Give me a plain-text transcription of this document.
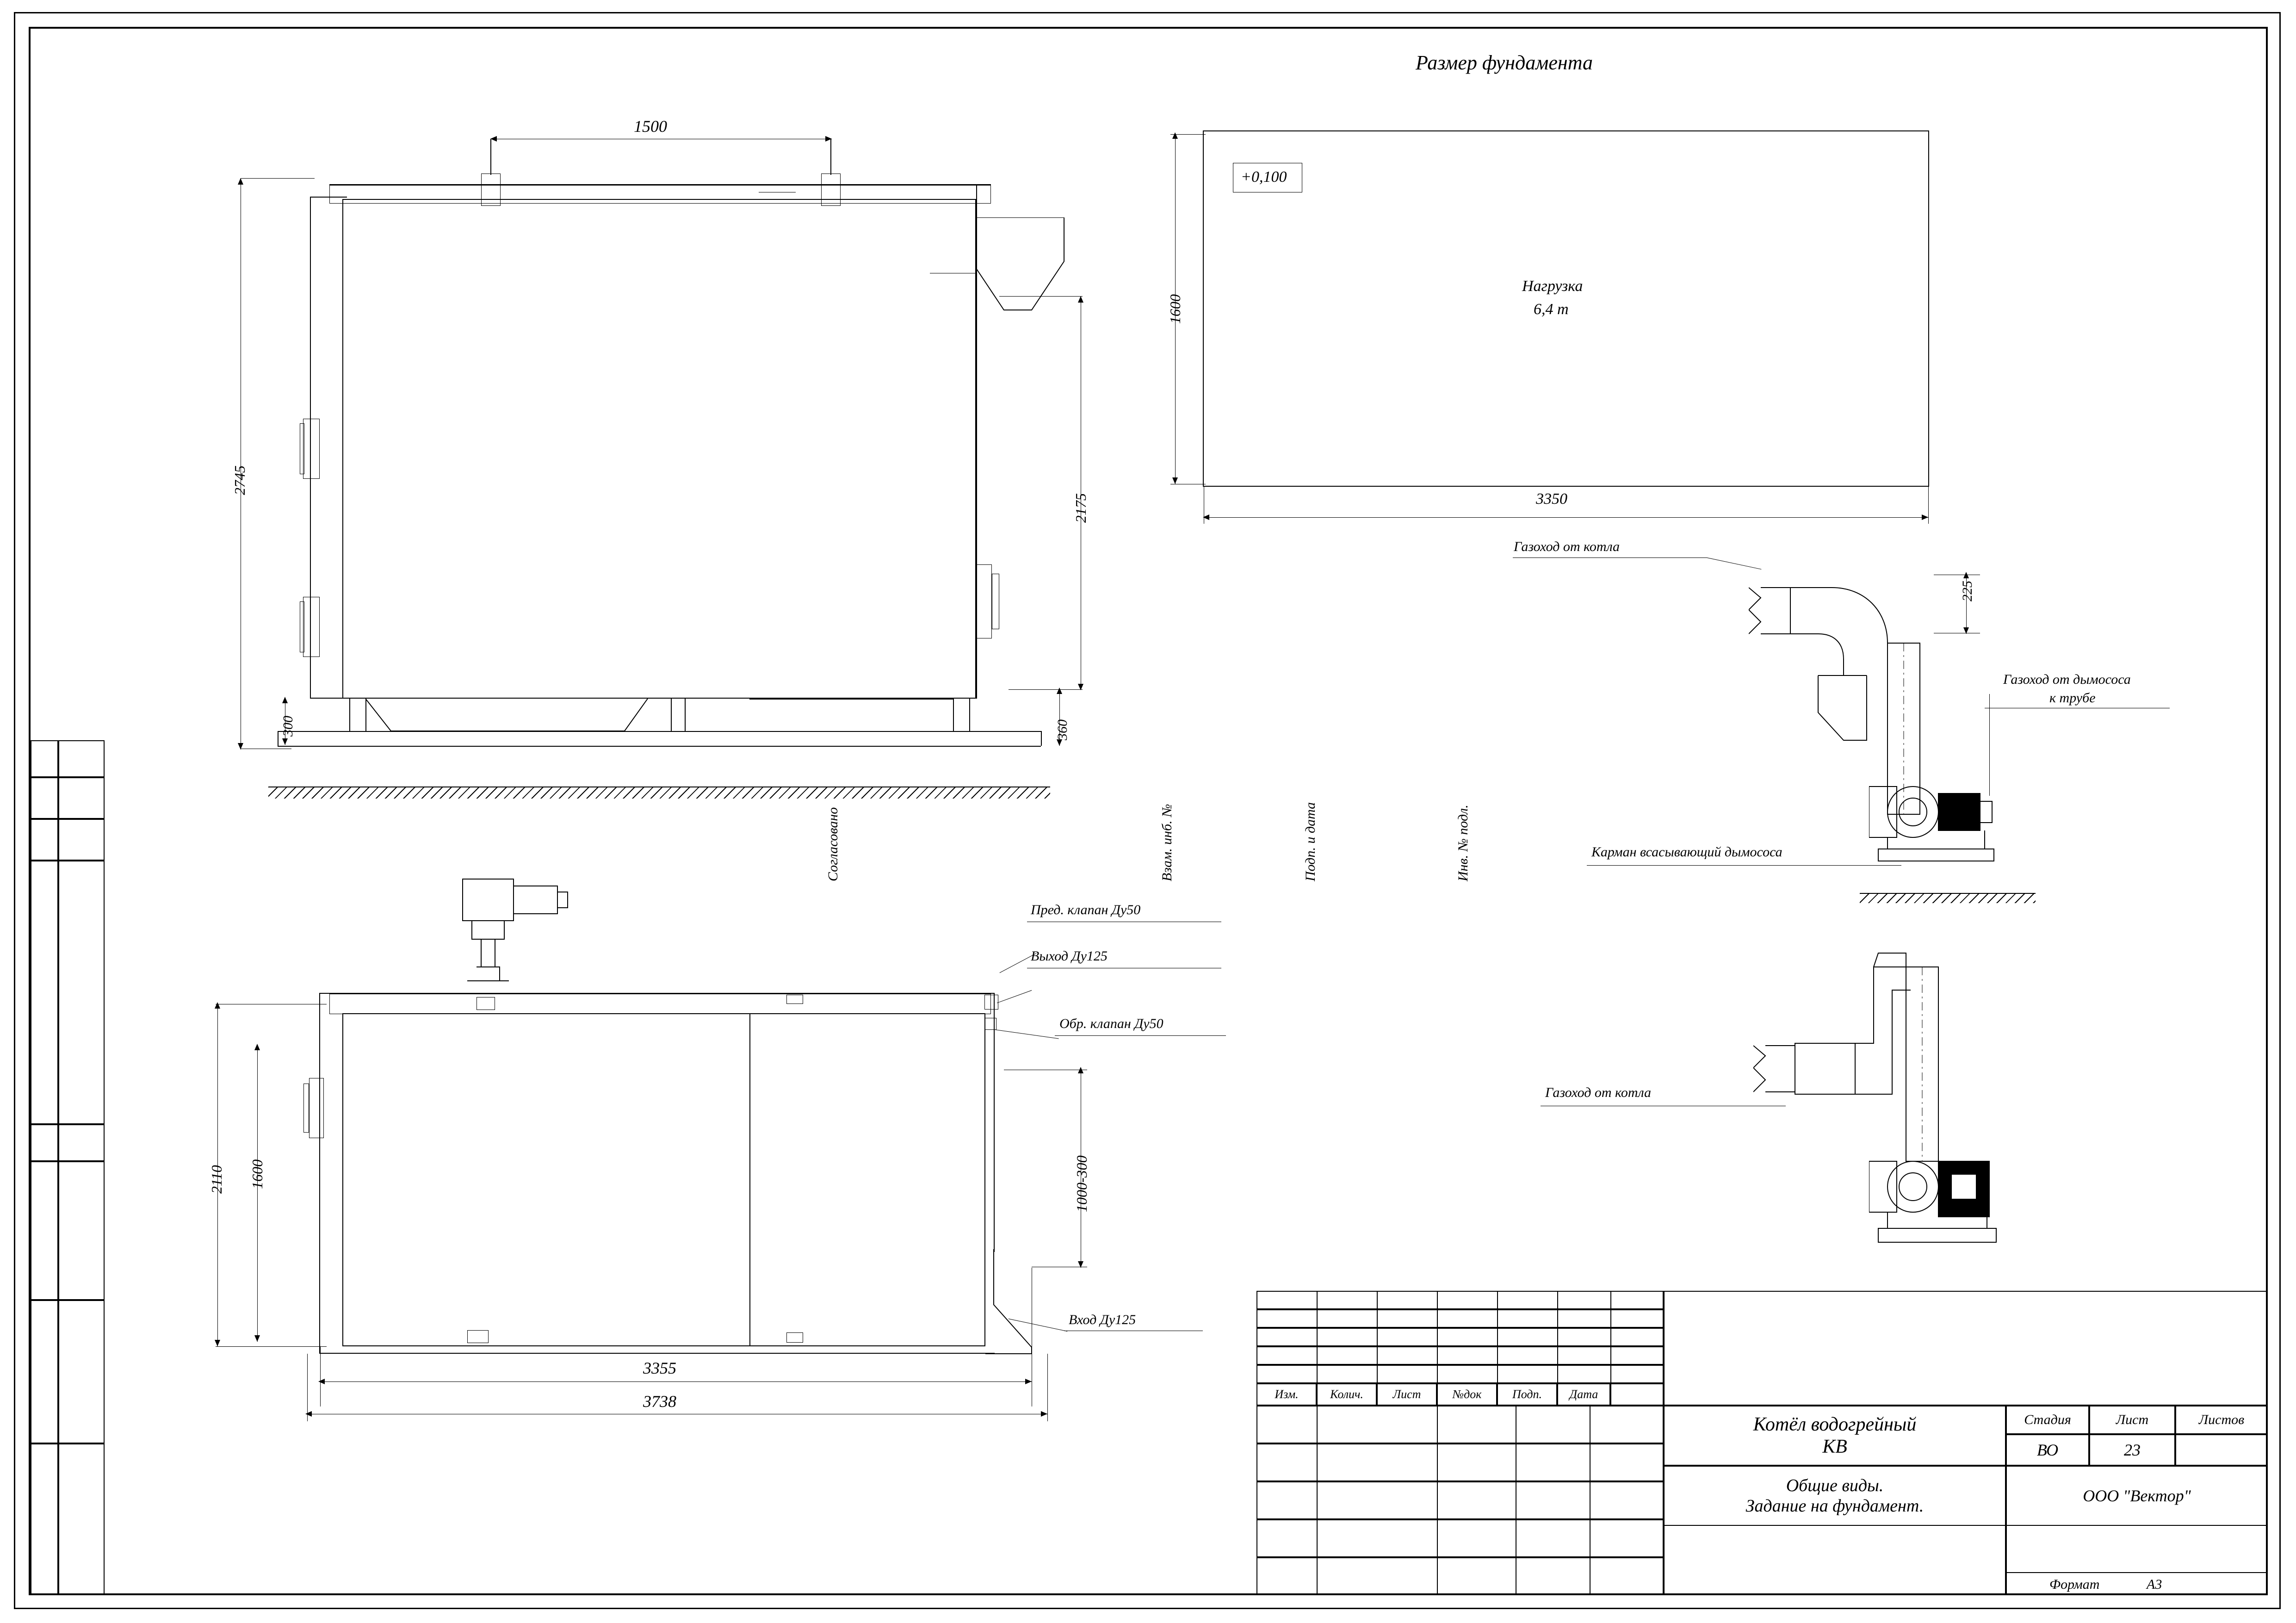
Согласовано	Взам. инб. №	Подп. и дата	Инв. № подл.
Размер фундамента
1500
2745
2175
300	360
+0,100
Нагрузка
6,4 т
1600
3350
Газоход от котла
Газоход от дымососа
к трубе
Карман всасывающий дымососа
225
Газоход от котла
Пред. клапан Ду50
Выход Ду125
Обр. клапан Ду50
Вход Ду125
2110 1600	1000-300
3355
3738	Изм.	Колич.	Лист	№док	Подп.	Дата
Котёл водогрейный
КВ
Стадия	Лист	Листов
ВО	23
Общие виды.
Задание на фундамент.
ООО "Вектор"
Формат	А3
